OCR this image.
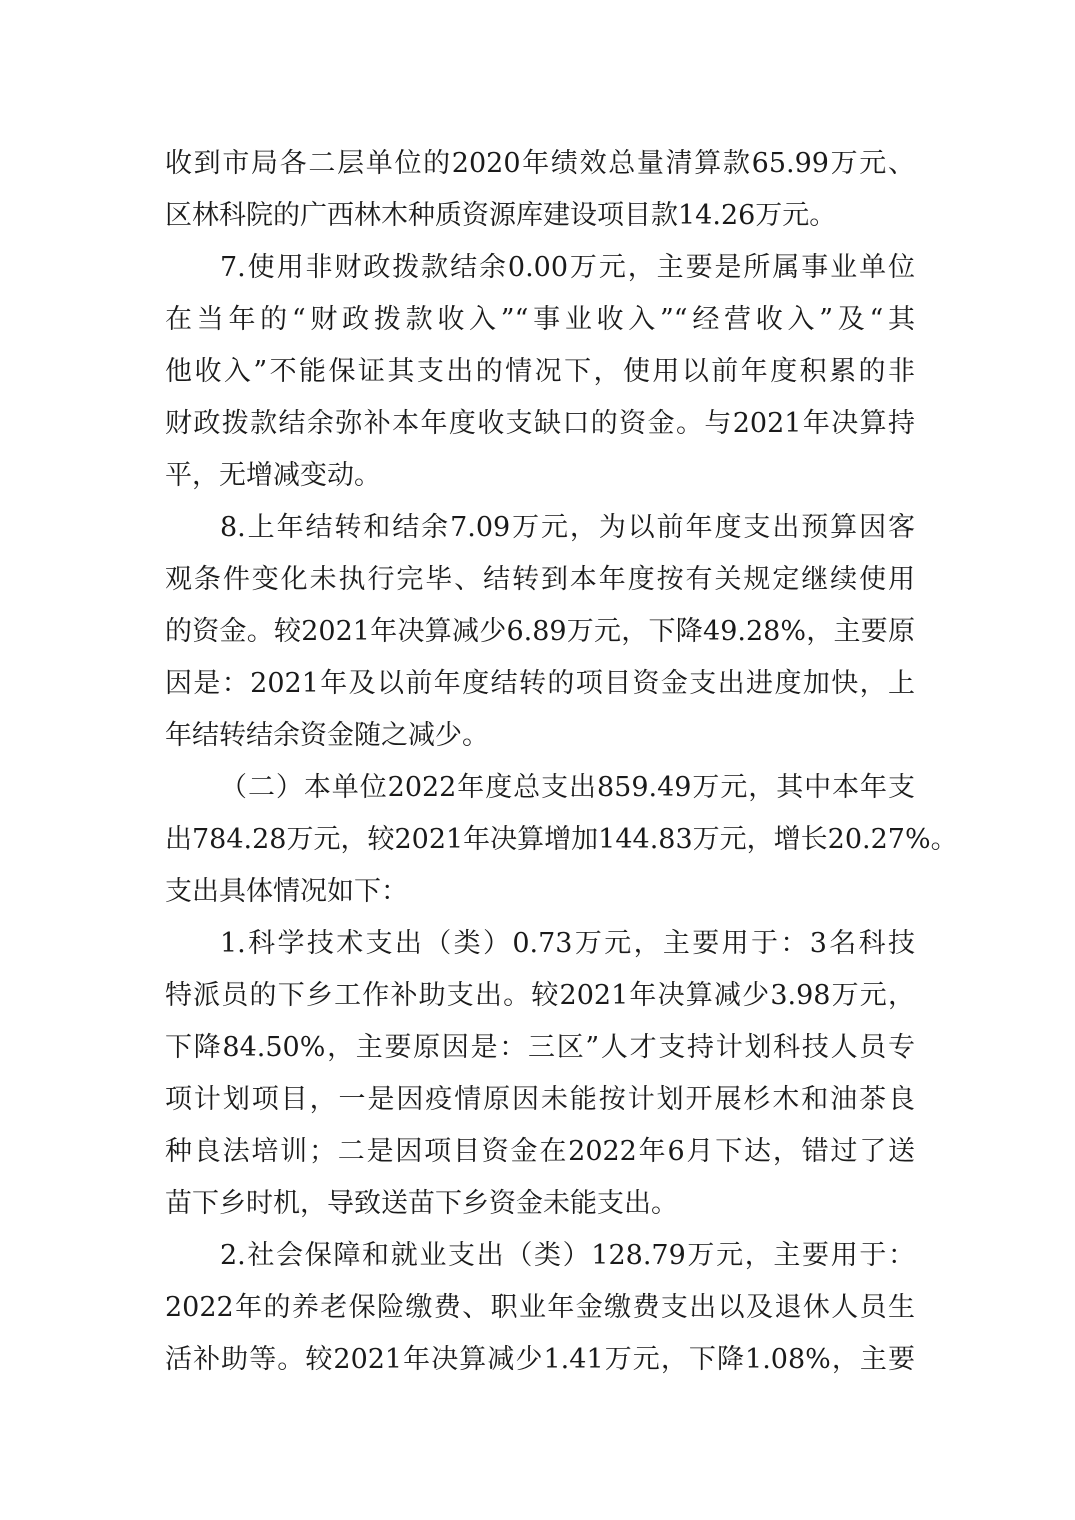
收到市局各二层单位的2020年绩效总量清算款65.99万元、
区林科院的广西林木种质资源库建设项目款14.26万元。
7.使用非财政拨款结余0.00万元，主要是所属事业单位
在当年的“财政拨款收入”“事业收入”“经营收入”及“其
他收入”不能保证其支出的情况下，使用以前年度积累的非
财政拨款结余弥补本年度收支缺口的资金。与2021年决算持
平，无增减变动。
8.上年结转和结余7.09万元，为以前年度支出预算因客
观条件变化未执行完毕、结转到本年度按有关规定继续使用
的资金。较2021年决算减少6.89万元，下降49.28%，主要原
因是：2021年及以前年度结转的项目资金支出进度加快，上
年结转结余资金随之减少。
（二）本单位2022年度总支出859.49万元，其中本年支
出784.28万元，较2021年决算增加144.83万元，增长20.27%。
支出具体情况如下：
1.科学技术支出（类）0.73万元，主要用于：3名科技
特派员的下乡工作补助支出。较2021年决算减少3.98万元，
下降84.50%，主要原因是：三区”人才支持计划科技人员专
项计划项目，一是因疫情原因未能按计划开展杉木和油茶良
种良法培训；二是因项目资金在2022年6月下达，错过了送
苗下乡时机，导致送苗下乡资金未能支出。
2.社会保障和就业支出（类）128.79万元，主要用于：
2022年的养老保险缴费、职业年金缴费支出以及退休人员生
活补助等。较2021年决算减少1.41万元，下降1.08%，主要
